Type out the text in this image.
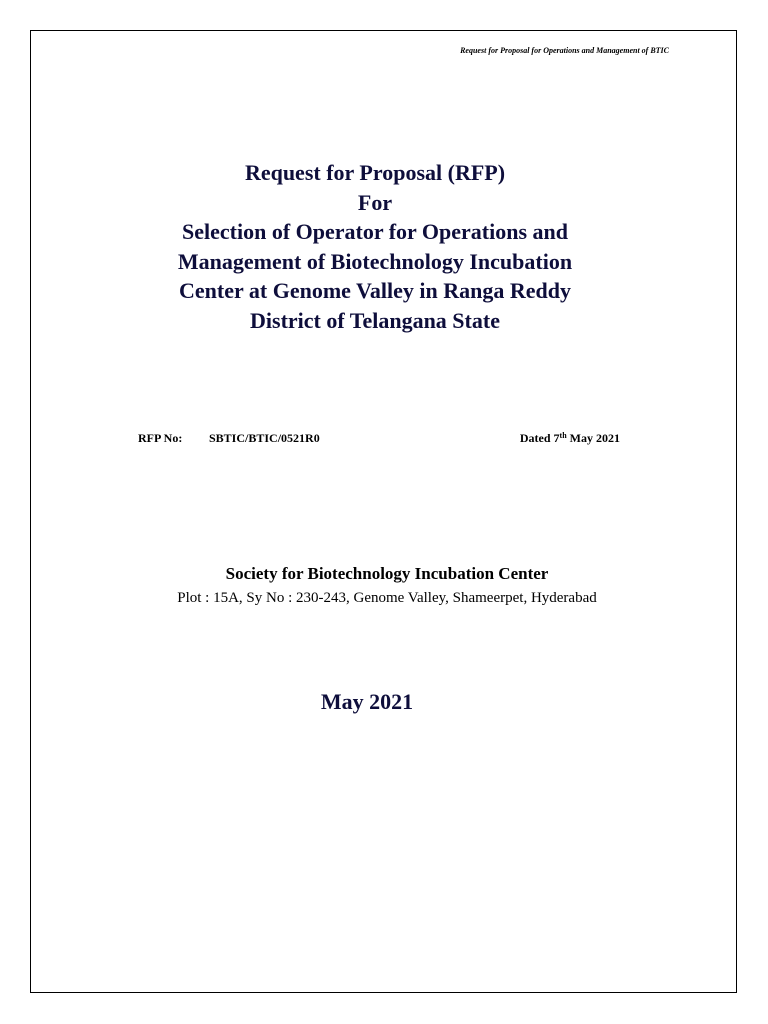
Request for Proposal for Operations and Management of BTIC
Request for Proposal (RFP)
For
Selection of Operator for Operations and
Management of Biotechnology Incubation
Center at Genome Valley in Ranga Reddy
District of Telangana State
RFP No: SBTIC/BTIC/0521R0	Dated 7th May 2021
Society for Biotechnology Incubation Center
Plot : 15A, Sy No : 230-243, Genome Valley, Shameerpet, Hyderabad
May 2021
